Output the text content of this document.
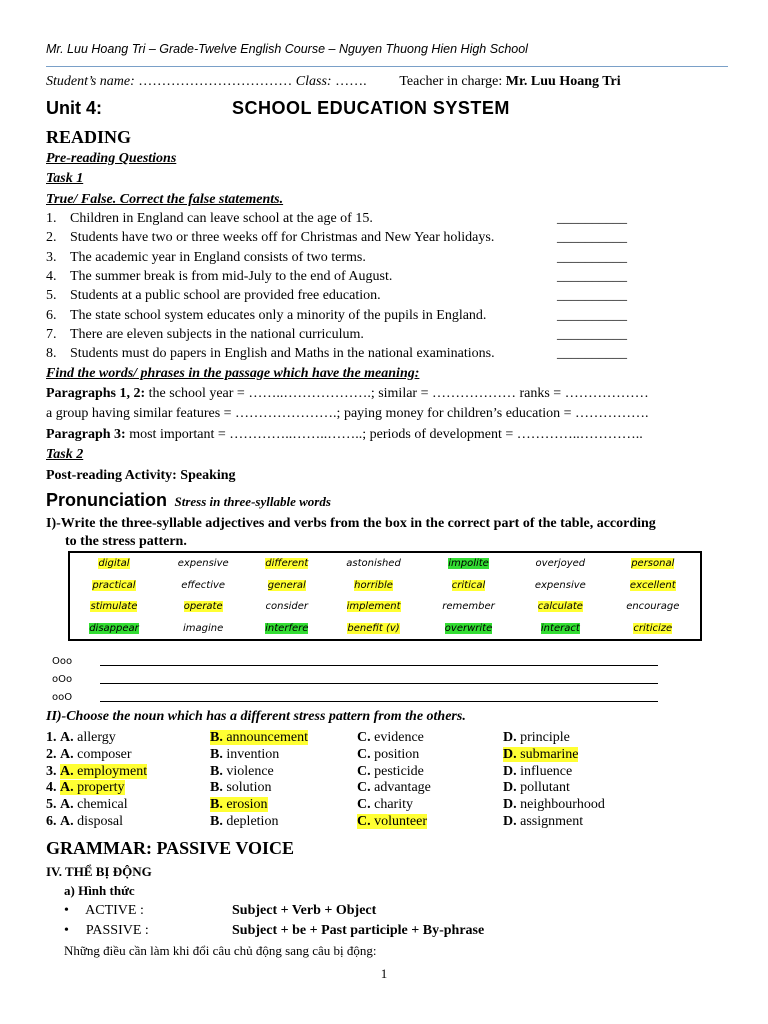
Mr. Luu Hoang Tri – Grade-Twelve English Course – Nguyen Thuong Hien High School
Student’s name: …………………………… Class: ……. Teacher in charge: Mr. Luu Hoang Tri
Unit 4:	SCHOOL EDUCATION SYSTEM
READING
Pre-reading Questions
Task 1
True/ False. Correct the false statements.
1. Children in England can leave school at the age of 15.	__________
2. Students have two or three weeks off for Christmas and New Year holidays.	__________
3. The academic year in England consists of two terms.	__________
4. The summer break is from mid-July to the end of August.	__________
5. Students at a public school are provided free education.	__________
6. The state school system educates only a minority of the pupils in England.	__________
7. There are eleven subjects in the national curriculum.	__________
8. Students must do papers in English and Maths in the national examinations.	__________
Find the words/ phrases in the passage which have the meaning:
Paragraphs 1, 2: the school year = ……..……………….; similar = ……………… ranks = ………………
a group having similar features = ………………….; paying money for children’s education = …………….
Paragraph 3: most important = …………..……..……..; periods of development = …………..…………..
Task 2
Post-reading Activity: Speaking
Pronunciation Stress in three-syllable words
I)-Write the three-syllable adjectives and verbs from the box in the correct part of the table, according
to the stress pattern.
digital	expensive	different	astonished	impolite	overjoyed	personal
practical	effective	general	horrible	critical	expensive	excellent
stimulate	operate	consider	implement	remember	calculate	encourage
disappear	imagine	interfere	benefit (v)	overwrite	interact	criticize
Ooo
oOo
ooO
II)-Choose the noun which has a different stress pattern from the others.
1. A. allergy	B. announcement	C. evidence	D. principle
2. A. composer	B. invention	C. position	D. submarine
3. A. employment	B. violence	C. pesticide	D. influence
4. A. property	B. solution	C. advantage	D. pollutant
5. A. chemical	B. erosion	C. charity	D. neighbourhood
6. A. disposal	B. depletion	C. volunteer	D. assignment
GRAMMAR: PASSIVE VOICE
IV. THỂ BỊ ĐỘNG
a) Hình thức
• ACTIVE :	Subject + Verb + Object
• PASSIVE :	Subject + be + Past participle + By-phrase
Những điều cần làm khi đổi câu chủ động sang câu bị động:
1
